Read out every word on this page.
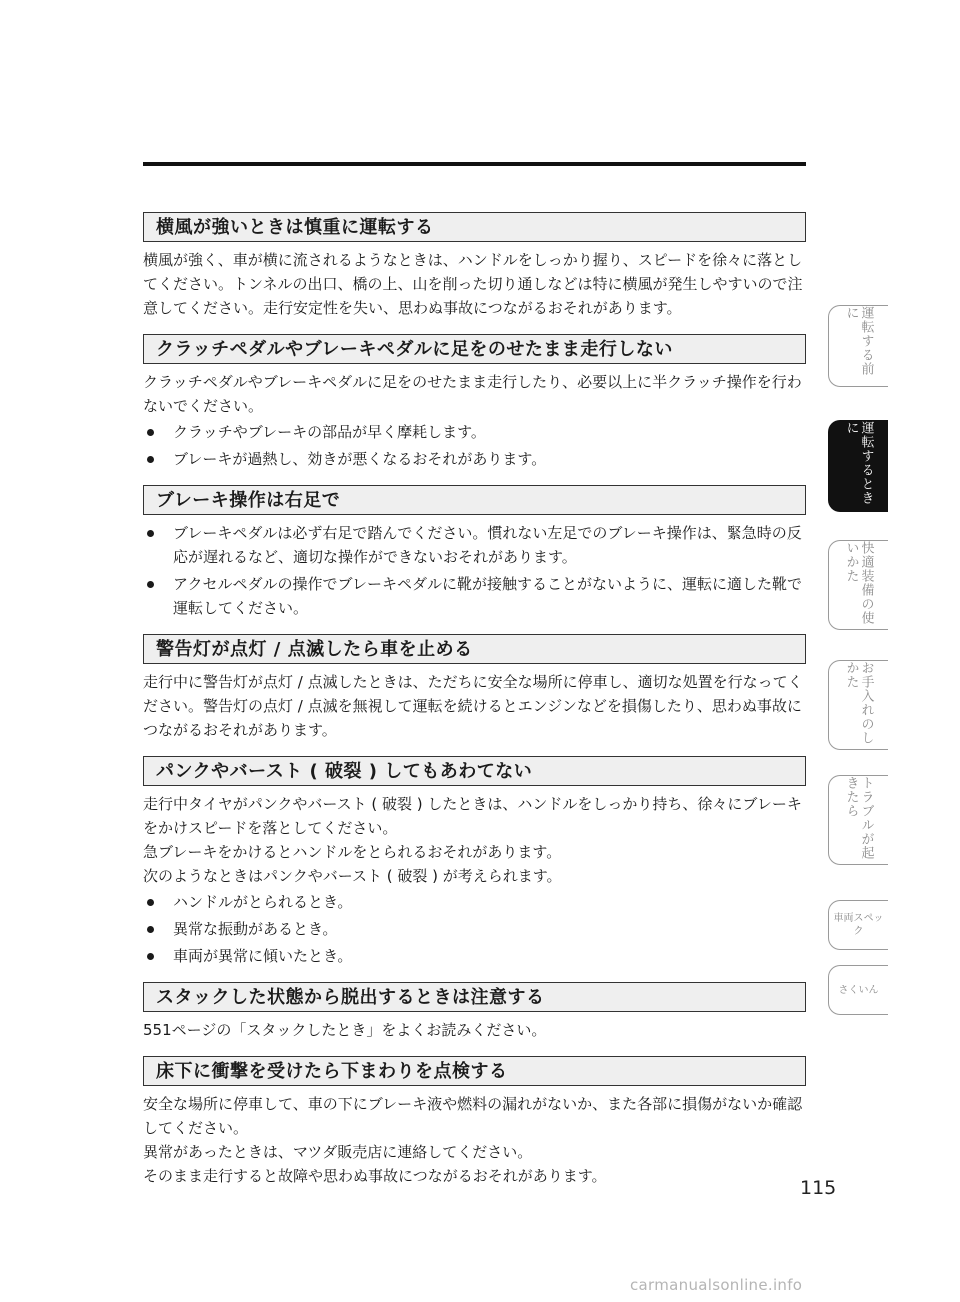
横風が強いときは慎重に運転する

横風が強く、車が横に流されるようなときは、ハンドルをしっかり握り、スピードを徐々に落としてください。トンネルの出口、橋の上、山を削った切り通しなどは特に横風が発生しやすいので注意してください。走行安定性を失い、思わぬ事故につながるおそれがあります。

クラッチペダルやブレーキペダルに足をのせたまま走行しない

クラッチペダルやブレーキペダルに足をのせたまま走行したり、必要以上に半クラッチ操作を行わないでください。

クラッチやブレーキの部品が早く摩耗します。
ブレーキが過熱し、効きが悪くなるおそれがあります。
ブレーキ操作は右足で
ブレーキペダルは必ず右足で踏んでください。慣れない左足でのブレーキ操作は、緊急時の反応が遅れるなど、適切な操作ができないおそれがあります。
アクセルペダルの操作でブレーキペダルに靴が接触することがないように、運転に適した靴で運転してください。
警告灯が点灯 / 点滅したら車を止める

走行中に警告灯が点灯 / 点滅したときは、ただちに安全な場所に停車し、適切な処置を行なってください。警告灯の点灯 / 点滅を無視して運転を続けるとエンジンなどを損傷したり、思わぬ事故につながるおそれがあります。

パンクやバースト ( 破裂 ) してもあわてない

走行中タイヤがパンクやバースト ( 破裂 ) したときは、ハンドルをしっかり持ち、徐々にブレーキをかけスピードを落としてください。

急ブレーキをかけるとハンドルをとられるおそれがあります。

次のようなときはパンクやバースト ( 破裂 ) が考えられます。

ハンドルがとられるとき。
異常な振動があるとき。
車両が異常に傾いたとき。
スタックした状態から脱出するときは注意する

551ページの「スタックしたとき」をよくお読みください。

床下に衝撃を受けたら下まわりを点検する

安全な場所に停車して、車の下にブレーキ液や燃料の漏れがないか、また各部に損傷がないか確認してください。

異常があったときは、マツダ販売店に連絡してください。

そのまま走行すると故障や思わぬ事故につながるおそれがあります。

運転する前に
運転するときに
快適装備の使いかた
お手入れのしかた
トラブルが起きたら
車両スペック
さくいん
115
carmanualsonline.info
